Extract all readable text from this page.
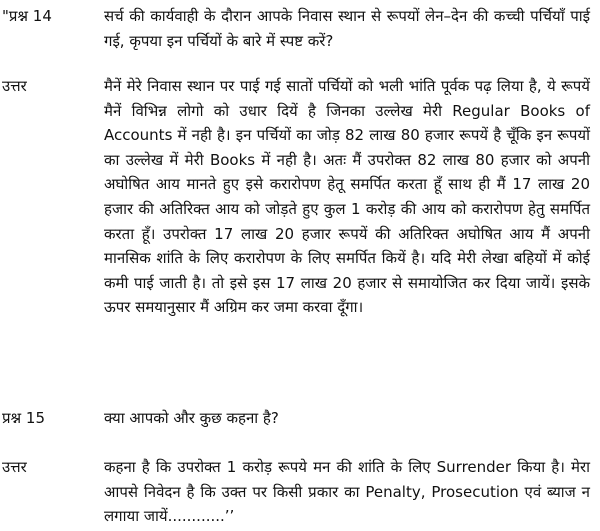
"प्रश्न 14	सर्च की कार्यवाही के दौरान आपके निवास स्थान से रूपयों लेन–देन की कच्ची पर्चियाँ पाई गई, कृपया इन पर्चियों के बारे में स्पष्ट करें?
उत्तर	मैनें मेरे निवास स्थान पर पाई गई सातों पर्चियों को भली भांति पूर्वक पढ़ लिया है, ये रूपयें मैनें विभिन्न लोगो को उधार दियें है जिनका उल्लेख मेरी Regular Books of Accounts में नही है। इन पर्चियों का जोड़ 82 लाख 80 हजार रूपयें है चूँकि इन रूपयों का उल्लेख में मेरी Books में नही है। अतः मैं उपरोक्त 82 लाख 80 हजार को अपनी अघोषित आय मानते हुए इसे करारोपण हेतू समर्पित करता हूँ साथ ही मैं 17 लाख 20 हजार की अतिरिक्त आय को जोड़ते हुए कुल 1 करोड़ की आय को करारोपण हेतु समर्पित करता हूँ। उपरोक्त 17 लाख 20 हजार रूपयें की अतिरिक्त अघोषित आय मैं अपनी मानसिक शांति के लिए करारोपण के लिए समर्पित कियें है। यदि मेरी लेखा बहियों में कोई कमी पाई जाती है। तो इसे इस 17 लाख 20 हजार से समायोजित कर दिया जायें। इसके ऊपर समयानुसार मैं अग्रिम कर जमा करवा दूँगा।
प्रश्न 15	क्या आपको और कुछ कहना है?
उत्तर	कहना है कि उपरोक्त 1 करोड़ रूपये मन की शांति के लिए Surrender किया है। मेरा आपसे निवेदन है कि उक्त पर किसी प्रकार का Penalty, Prosecution एवं ब्याज न लगाया जायें............’’
